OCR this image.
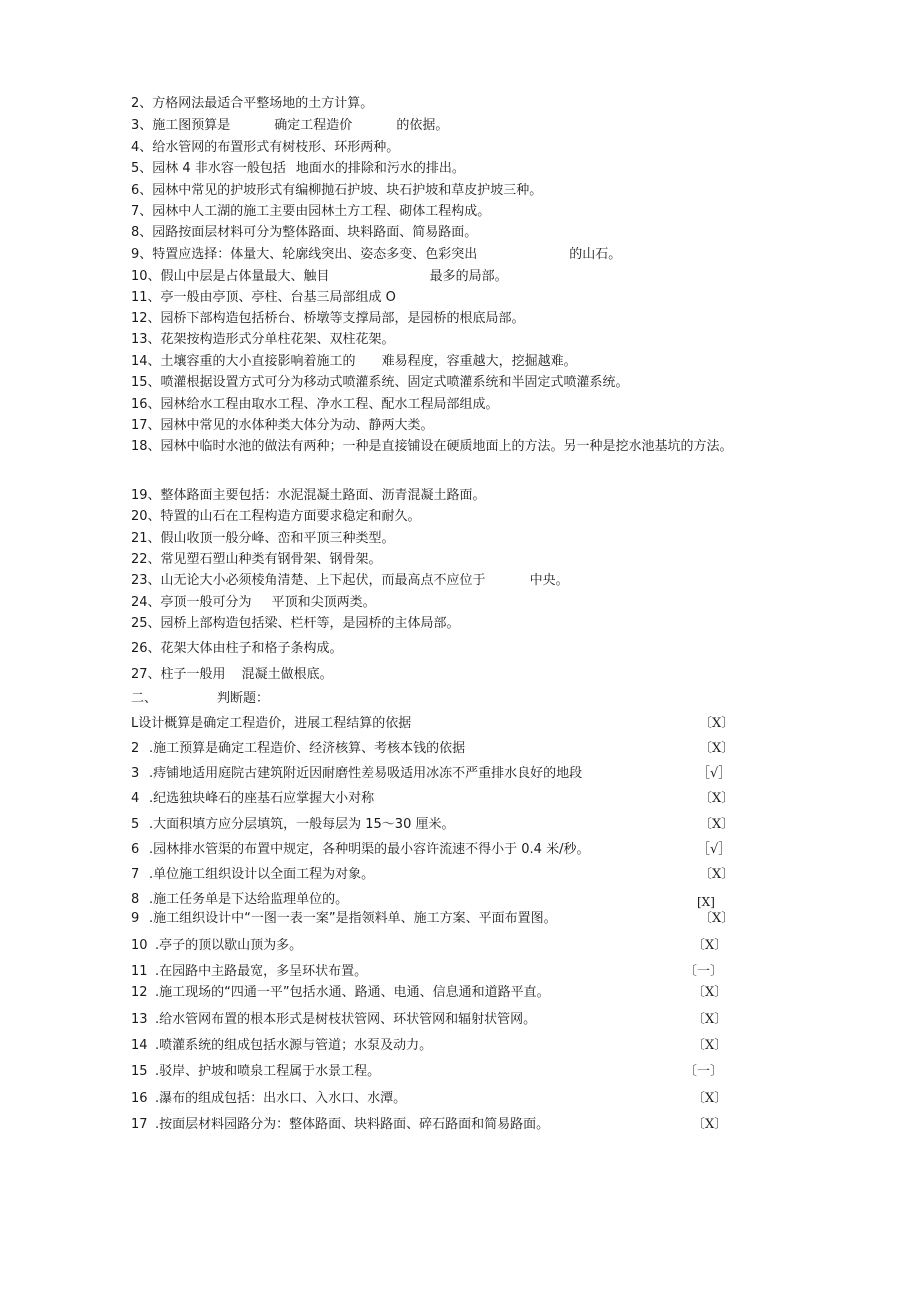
2、方格网法最适合平整场地的土方计算。
3、施工图预算是	确定工程造价	的依据。
4、给水管网的布置形式有树枝形、环形两种。
5、园林 4 非水容一般包括 地面水的排除和污水的排出。
6、园林中常见的护坡形式有编柳抛石护坡、块石护坡和草皮护坡三种。
7、园林中人工湖的施工主要由园林土方工程、砌体工程构成。
8、园路按面层材料可分为整体路面、块料路面、简易路面。
9、特置应选择：体量大、轮廓线突出、姿态多变、色彩突出	的山石。
10、假山中层是占体量最大、触目	最多的局部。
11、亭一般由亭顶、亭柱、台基三局部组成 O
12、园桥下部构造包括桥台、桥墩等支撑局部，是园桥的根底局部。
13、花架按构造形式分单柱花架、双柱花架。
14、土壤容重的大小直接影响着施工的 难易程度，容重越大，挖掘越难。
15、喷灌根据设置方式可分为移动式喷灌系统、固定式喷灌系统和半固定式喷灌系统。
16、园林给水工程由取水工程、净水工程、配水工程局部组成。
17、园林中常见的水体种类大体分为动、静两大类。
18、园林中临时水池的做法有两种；一种是直接铺设在硬质地面上的方法。另一种是挖水池基坑的方法。
19、整体路面主要包括：水泥混凝土路面、沥青混凝土路面。
20、特置的山石在工程构造方面要求稳定和耐久。
21、假山收顶一般分峰、峦和平顶三种类型。
22、常见塑石塑山种类有钢骨架、钢骨架。
23、山无论大小必须棱角清楚、上下起伏，而最高点不应位于	中央。
24、亭顶一般可分为 平顶和尖顶两类。
25、园桥上部构造包括梁、栏杆等，是园桥的主体局部。
26、花架大体由柱子和格子条构成。
27、柱子一般用 混凝土做根底。
二、	判断题：
L设计概算是确定工程造价，进展工程结算的依据	〔X〕
2 .施工预算是确定工程造价、经济核算、考核本钱的依据	〔X〕
3 .痔铺地适用庭院古建筑附近因耐磨性差易吸适用冰冻不严重排水良好的地段	［√］
4 .纪选独块峰石的座基石应掌握大小对称	〔X〕
5 .大面积填方应分层填筑，一般每层为 15～30 厘米。	〔X〕
6 .园林排水管渠的布置中规定，各种明渠的最小容许流速不得小于 0.4 米/秒。	［√］
7 .单位施工组织设计以全面工程为对象。	〔X〕
8 .施工任务单是下达给监理单位的。	[X]
9 .施工组织设计中“一图一表一案”是指领料单、施工方案、平面布置图。	〔X〕
10 .亭子的顶以歇山顶为多。	〔X〕
11 .在园路中主路最宽，多呈环状布置。	〔一〕
12 .施工现场的“四通一平”包括水通、路通、电通、信息通和道路平直。	〔X〕
13 .给水管网布置的根本形式是树枝状管网、环状管网和辐射状管网。	〔X〕
14 .喷灌系统的组成包括水源与管道；水泵及动力。	〔X〕
15 .驳岸、护坡和喷泉工程属于水景工程。	〔一〕
16 .瀑布的组成包括：出水口、入水口、水潭。	〔X〕
17 .按面层材料园路分为：整体路面、块料路面、碎石路面和简易路面。	〔X〕
